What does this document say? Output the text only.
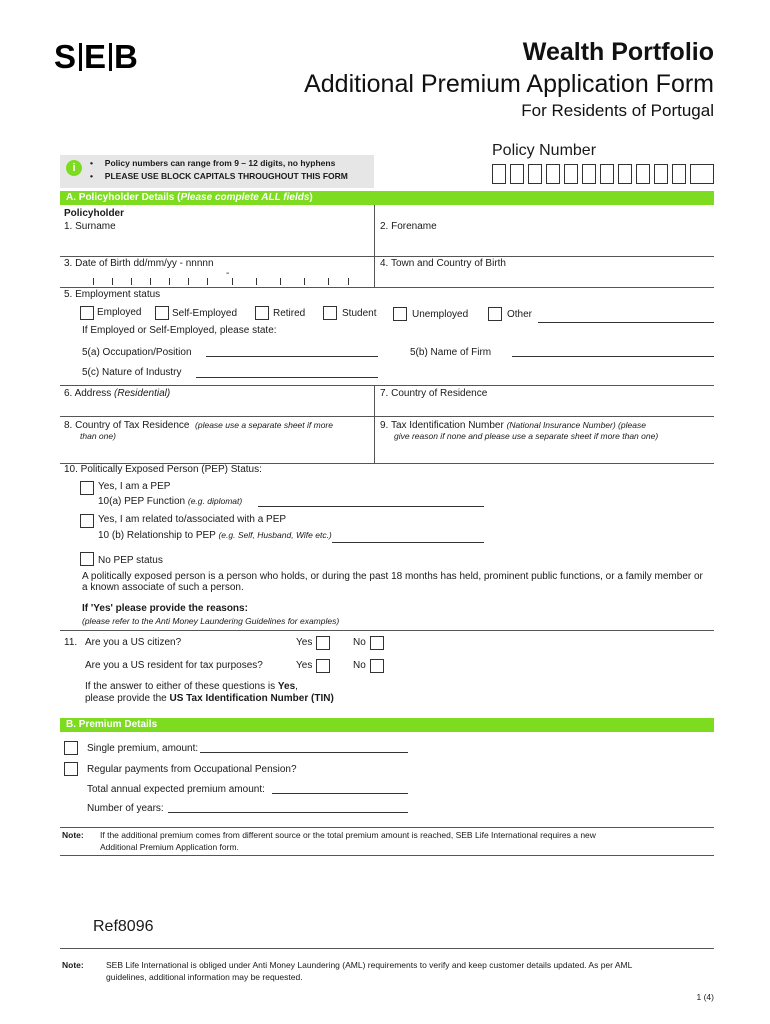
S E B	Wealth Portfolio
Additional Premium Application Form
For Residents of Portugal
Policy Number
i	•     Policy numbers can range from 9 – 12 digits, no hyphens
•     PLEASE USE BLOCK CAPITALS THROUGHOUT THIS FORM
A. Policyholder Details (Please complete ALL fields)
Policyholder
1. Surname	2. Forename
3. Date of Birth dd/mm/yy - nnnnn	4. Town and Country of Birth
-
5. Employment status
Employed	Self-Employed	Retired	Student	Unemployed	Other
If Employed or Self-Employed, please state:
5(a) Occupation/Position	5(b) Name of Firm
5(c) Nature of Industry
6. Address (Residential)	7. Country of Residence
8. Country of Tax Residence (please use a separate sheet if more
than one)
9. Tax Identification Number (National Insurance Number) (please
give reason if none and please use a separate sheet if more than one)
10. Politically Exposed Person (PEP) Status:
Yes, I am a PEP
10(a) PEP Function (e.g. diplomat)
Yes, I am related to/associated with a PEP
10 (b) Relationship to PEP (e.g. Self, Husband, Wife etc.)
No PEP status
A politically exposed person is a person who holds, or during the past 18 months has held, prominent public functions, or a family member or
a known associate of such a person.
If 'Yes' please provide the reasons:
(please refer to the Anti Money Laundering Guidelines for examples)
11. Are you a US citizen?	Yes	No
Are you a US resident for tax purposes?	Yes	No
If the answer to either of these questions is Yes,
please provide the US Tax Identification Number (TIN)
B. Premium Details
Single premium, amount:
Regular payments from Occupational Pension?
Total annual expected premium amount:
Number of years:
Note: If the additional premium comes from different source or the total premium amount is reached, SEB Life International requires a new
Additional Premium Application form.
Ref8096
Note:	SEB Life International is obliged under Anti Money Laundering (AML) requirements to verify and keep customer details updated. As per AML
guidelines, additional information may be requested.
1 (4)
